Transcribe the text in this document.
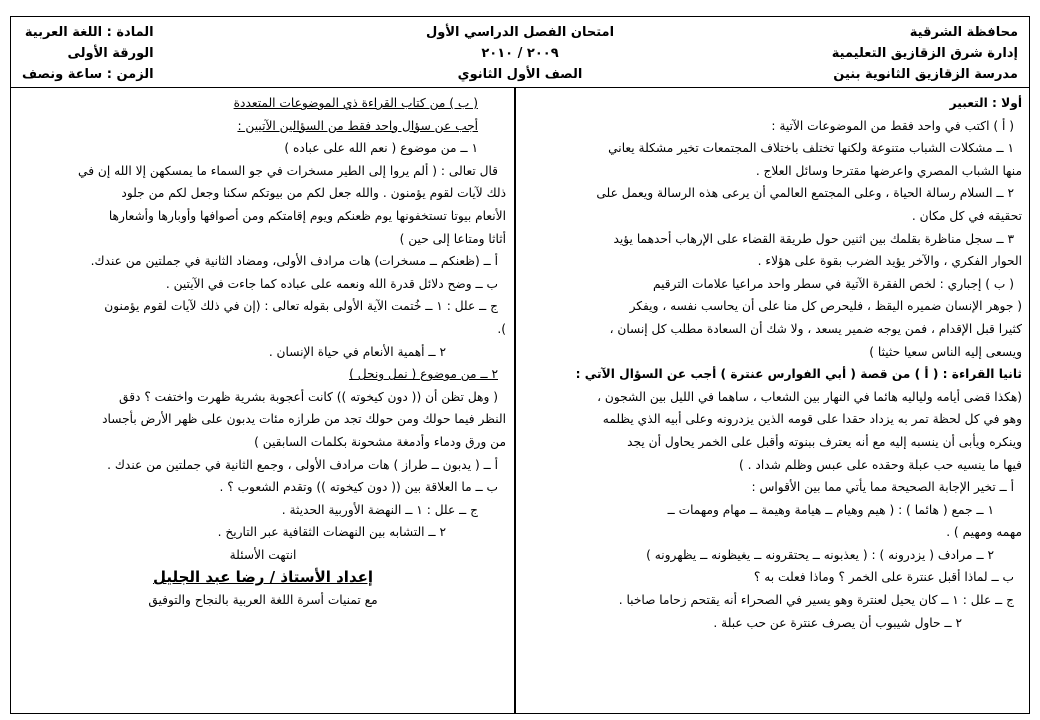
محافظة الشرقية
إدارة شرق الزقازيق التعليمية
مدرسة الزقازيق الثانوية بنين
امتحان الفصل الدراسي الأول
٢٠٠٩ / ٢٠١٠
الصف الأول الثانوي
المادة : اللغة العربية
الورقة الأولى
الزمن : ساعة ونصف
أولا : التعبير
( أ ) اكتب في واحد فقط من الموضوعات الآتية :
١ ــ مشكلات الشباب متنوعة ولكنها تختلف باختلاف المجتمعات تخير مشكلة يعاني
منها الشباب المصري واعرضها مقترحا وسائل العلاج .
٢ ــ السلام رسالة الحياة ، وعلى المجتمع العالمي أن يرعى هذه الرسالة ويعمل على
تحقيقه في كل مكان .
٣ ــ سجل مناظرة بقلمك بين اثنين حول طريقة القضاء على الإرهاب أحدهما يؤيد
الحوار الفكري ، والآخر يؤيد الضرب بقوة على هؤلاء .
( ب ) إجباري : لخص الفقرة الآتية في سطر واحد مراعيا علامات الترقيم
( جوهر الإنسان ضميره اليقظ ، فليحرص كل منا على أن يحاسب نفسه ، ويفكر
كثيرا قبل الإقدام ، فمن يوجه ضمير يسعد ، ولا شك أن السعادة مطلب كل إنسان ،
ويسعى إليه الناس سعيا حثيثا )
ثانيا القراءة : ( أ ) من قصة ( أبي الفوارس عنترة ) أجب عن السؤال الآتي :
(هكذا قضى أيامه ولياليه هائما في النهار بين الشعاب ، ساهما في الليل بين الشجون ،
وهو في كل لحظة تمر به يزداد حقدا على قومه الذين يزدرونه وعلى أبيه الذي يظلمه
وينكره ويأبى أن ينسبه إليه مع أنه يعترف ببنوته وأقبل على الخمر يحاول أن يجد
فيها ما ينسيه حب عبلة وحقده على عبس وظلم شداد . )
أ ــ تخير الإجابة الصحيحة مما يأتي مما بين الأقواس :
١ ــ جمع ( هائما ) : ( هيم وهيام ــ هيامة وهيمة ــ مهام ومهمات ــ
مهمه ومهيم ) .
٢ ــ مرادف ( يزدرونه ) : ( يعذبونه ــ يحتقرونه ــ يغيظونه ــ يظهرونه )
ب ــ لماذا أقبل عنترة على الخمر ؟ وماذا فعلت به ؟
ج ــ علل : ١ ــ كان يحيل لعنترة وهو يسير في الصحراء أنه يقتحم زحاما صاخبا .
٢ ــ حاول شيبوب أن يصرف عنترة عن حب عبلة .
( ب ) من كتاب القراءة ذي الموضوعات المتعددة
أجب عن سؤال واحد فقط من السؤالين الآتيين :
١ ــ من موضوع ( نعم الله على عباده )
قال تعالى : ( ألم يروا إلى الطير مسخرات في جو السماء ما يمسكهن إلا الله إن في
ذلك لآيات لقوم يؤمنون . والله جعل لكم من بيوتكم سكنا وجعل لكم من جلود
الأنعام بيوتا تستخفونها يوم ظعنكم ويوم إقامتكم ومن أصوافها وأوبارها وأشعارها
أثاثا ومتاعا إلى حين )
أ ــ (ظعنكم ــ مسخرات) هات مرادف الأولى، ومضاد الثانية في جملتين من عندك.
ب ــ وضح دلائل قدرة الله ونعمه على عباده كما جاءت في الآيتين .
ج ــ علل : ١ ــ خُتمت الآية الأولى بقوله تعالى : (إن في ذلك لآيات لقوم يؤمنون
).
٢ ــ أهمية الأنعام في حياة الإنسان .
٢ ــ من موضوع ( نمل ونحل )
( وهل تظن أن (( دون كيخوته )) كانت أعجوبة بشرية ظهرت واختفت ؟ دقق
النظر فيما حولك ومن حولك تجد من طرازه مئات يدبون على ظهر الأرض بأجساد
من ورق ودماء وأدمغة مشحونة بكلمات السابقين )
أ ــ ( يدبون ــ طراز ) هات مرادف الأولى ، وجمع الثانية في جملتين من عندك .
ب ــ ما العلاقة بين (( دون كيخوته )) وتقدم الشعوب ؟ .
ج ــ علل : ١ ــ النهضة الأوربية الحديثة .
٢ ــ التشابه بين النهضات الثقافية عبر التاريخ .
انتهت الأسئلة
إعداد الأستاذ / رضا عبد الجليل
مع تمنيات أسرة اللغة العربية بالنجاح والتوفيق
